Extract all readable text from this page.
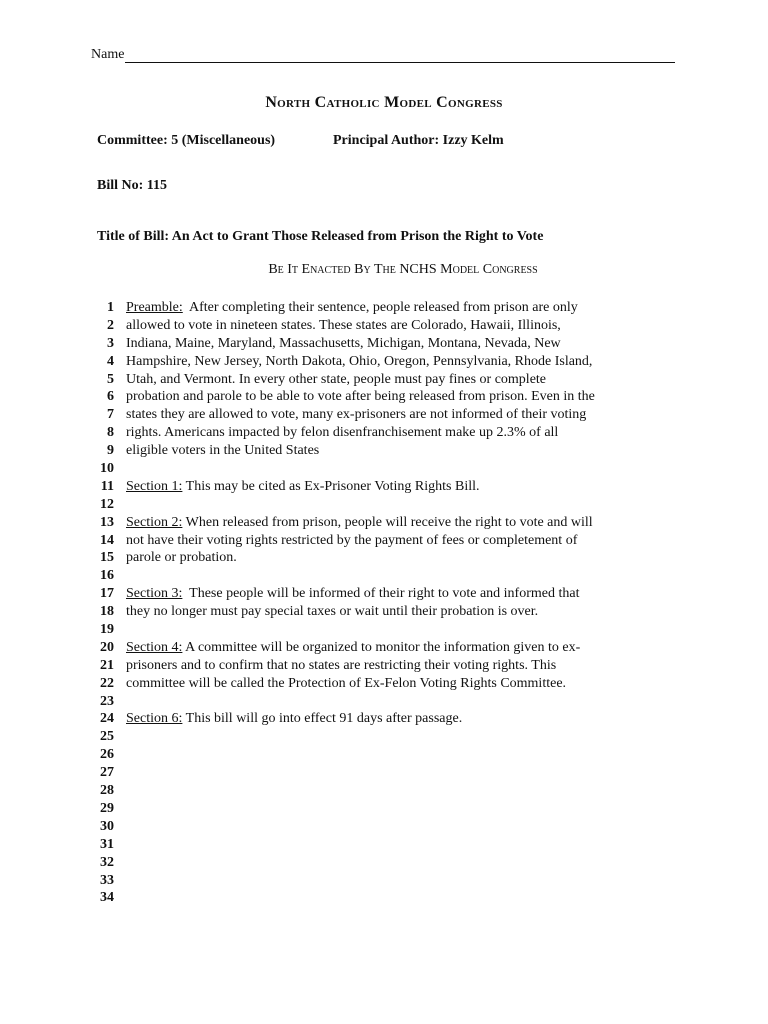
Name
North Catholic Model Congress
Committee: 5 (Miscellaneous)	Principal Author: Izzy Kelm
Bill No: 115
Title of Bill: An Act to Grant Those Released from Prison the Right to Vote
Be It Enacted By The NCHS Model Congress
1 Preamble:  After completing their sentence, people released from prison are only
2 allowed to vote in nineteen states. These states are Colorado, Hawaii, Illinois,
3 Indiana, Maine, Maryland, Massachusetts, Michigan, Montana, Nevada, New
4 Hampshire, New Jersey, North Dakota, Ohio, Oregon, Pennsylvania, Rhode Island,
5 Utah, and Vermont. In every other state, people must pay fines or complete
6 probation and parole to be able to vote after being released from prison. Even in the
7 states they are allowed to vote, many ex-prisoners are not informed of their voting
8 rights. Americans impacted by felon disenfranchisement make up 2.3% of all
9 eligible voters in the United States
10
11 Section 1: This may be cited as Ex-Prisoner Voting Rights Bill.
12
13 Section 2: When released from prison, people will receive the right to vote and will
14 not have their voting rights restricted by the payment of fees or completement of
15 parole or probation.
16
17 Section 3:  These people will be informed of their right to vote and informed that
18 they no longer must pay special taxes or wait until their probation is over.
19
20 Section 4: A committee will be organized to monitor the information given to ex-
21 prisoners and to confirm that no states are restricting their voting rights. This
22 committee will be called the Protection of Ex-Felon Voting Rights Committee.
23
24 Section 6: This bill will go into effect 91 days after passage.
25
26
27
28
29
30
31
32
33
34
